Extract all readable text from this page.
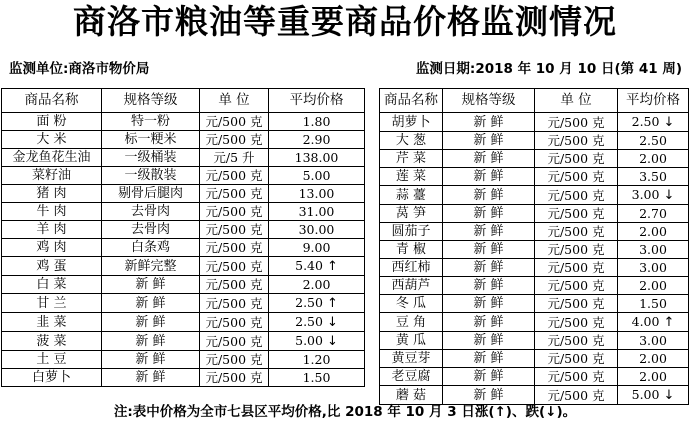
商洛市粮油等重要商品价格监测情况
监测单位:商洛市物价局	监测日期:2018 年 10 月 10 日(第 41 周)
商品名称	规格等级	单 位	平均价格
面 粉	特一粉	元/500 克	1.80
大 米	标一粳米	元/500 克	2.90
金龙鱼花生油	一级桶装	元/5 升	138.00
菜籽油	一级散装	元/500 克	5.00
猪 肉	剔骨后腿肉	元/500 克	13.00
牛 肉	去骨肉	元/500 克	31.00
羊 肉	去骨肉	元/500 克	30.00
鸡 肉	白条鸡	元/500 克	9.00
鸡 蛋	新鲜完整	元/500 克	5.40 ↑
白 菜	新 鲜	元/500 克	2.00
甘 兰	新 鲜	元/500 克	2.50 ↑
韭 菜	新 鲜	元/500 克	2.50 ↓
菠 菜	新 鲜	元/500 克	5.00 ↓
土 豆	新 鲜	元/500 克	1.20
白萝卜	新 鲜	元/500 克	1.50
商品名称	规格等级	单 位	平均价格
胡萝卜	新 鲜	元/500 克	2.50 ↓
大 葱	新 鲜	元/500 克	2.50
芹 菜	新 鲜	元/500 克	2.00
莲 菜	新 鲜	元/500 克	3.50
蒜 薹	新 鲜	元/500 克	3.00 ↓
莴 笋	新 鲜	元/500 克	2.70
圆茄子	新 鲜	元/500 克	2.00
青 椒	新 鲜	元/500 克	3.00
西红柿	新 鲜	元/500 克	3.00
西葫芦	新 鲜	元/500 克	2.00
冬 瓜	新 鲜	元/500 克	1.50
豆 角	新 鲜	元/500 克	4.00 ↑
黄 瓜	新 鲜	元/500 克	3.00
黄豆芽	新 鲜	元/500 克	2.00
老豆腐	新 鲜	元/500 克	2.00
蘑 菇	新 鲜	元/500 克	5.00 ↓
注:表中价格为全市七县区平均价格,比 2018 年 10 月 3 日涨(↑)、跌(↓)。
